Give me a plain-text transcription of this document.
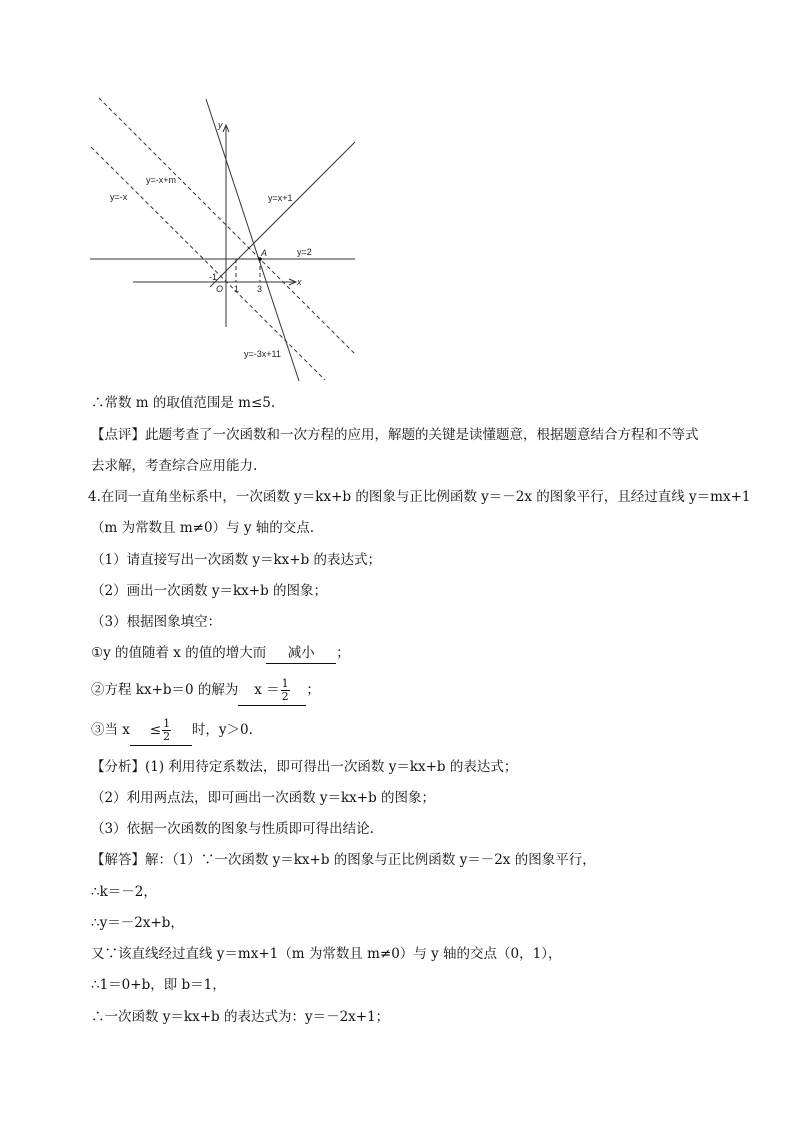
y=-x+m
y=-x	y=x+1
y=2
y=-3x+11
y
x
O
A
-1
1 3
∴常数 m 的取值范围是 m≤5.
【点评】此题考查了一次函数和一次方程的应用，解题的关键是读懂题意，根据题意结合方程和不等式
去求解，考查综合应用能力.
4.在同一直角坐标系中，一次函数 y＝kx+b 的图象与正比例函数 y＝－2x 的图象平行，且经过直线 y＝mx+1
（m 为常数且 m≠0）与 y 轴的交点.
（1）请直接写出一次函数 y＝kx+b 的表达式；
（2）画出一次函数 y＝kx+b 的图象；
（3）根据图象填空：
①y 的值随着 x 的值的增大而 减小 ；
②方程 kx+b＝0 的解为 $x = \frac{1}{2}$ ；
③当 $x \le \frac{1}{2}$ 时，y＞0.
【分析】(1) 利用待定系数法，即可得出一次函数 y＝kx+b 的表达式；
（2）利用两点法，即可画出一次函数 y＝kx+b 的图象；
（3）依据一次函数的图象与性质即可得出结论.
【解答】解：（1）∵一次函数 y＝kx+b 的图象与正比例函数 y＝－2x 的图象平行，
∴k＝－2，
∴y＝－2x+b，
又∵该直线经过直线 y＝mx+1（m 为常数且 m≠0）与 y 轴的交点（0，1），
∴1＝0+b，即 b＝1，
∴一次函数 y＝kx+b 的表达式为：y＝－2x+1；
